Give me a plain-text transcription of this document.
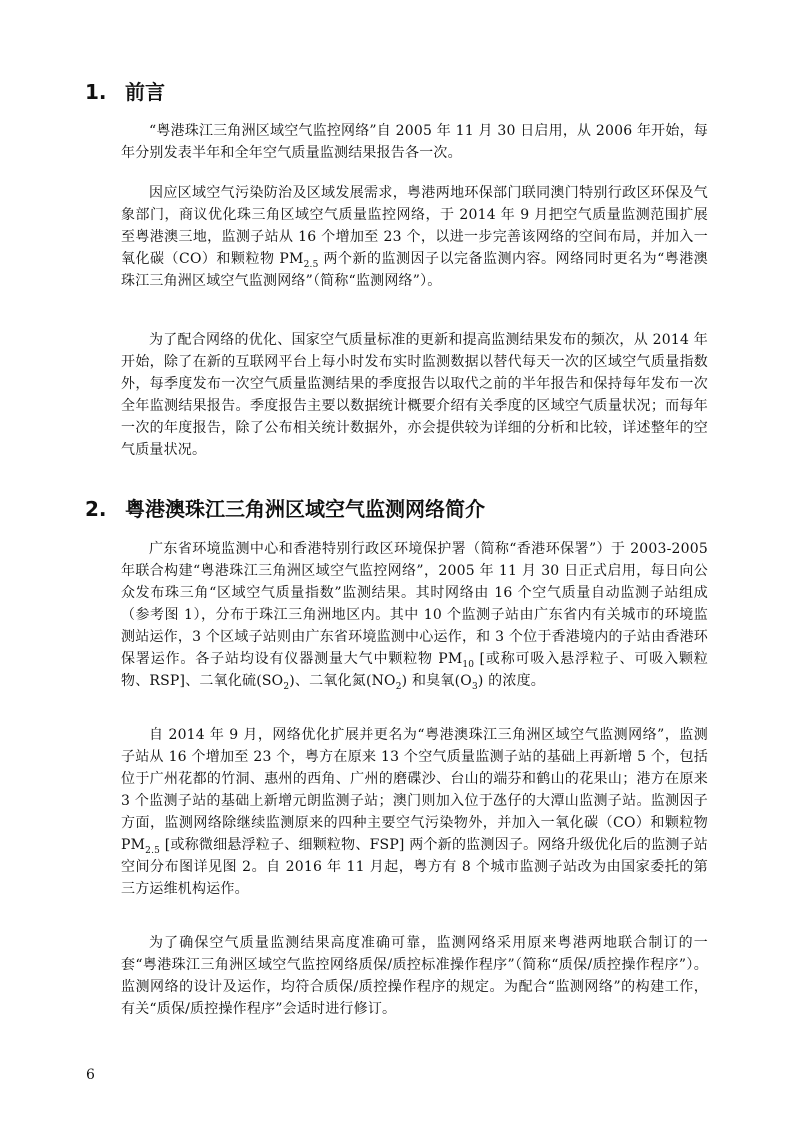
1. 前言

“粤港珠江三角洲区域空气监控网络”自 2005 年 11 月 30 日启用，从 2006 年开始，每年分别发表半年和全年空气质量监测结果报告各一次。

因应区域空气污染防治及区域发展需求，粤港两地环保部门联同澳门特别行政区环保及气象部门，商议优化珠三角区域空气质量监控网络，于 2014 年 9 月把空气质量监测范围扩展至粤港澳三地，监测子站从 16 个增加至 23 个，以进一步完善该网络的空间布局，并加入一氧化碳（CO）和颗粒物 $PM_{2.5}$ 两个新的监测因子以完备监测内容。网络同时更名为“粤港澳珠江三角洲区域空气监测网络”（简称“监测网络”）。

为了配合网络的优化、国家空气质量标准的更新和提高监测结果发布的频次，从 2014 年开始，除了在新的互联网平台上每小时发布实时监测数据以替代每天一次的区域空气质量指数外，每季度发布一次空气质量监测结果的季度报告以取代之前的半年报告和保持每年发布一次全年监测结果报告。季度报告主要以数据统计概要介绍有关季度的区域空气质量状况；而每年一次的年度报告，除了公布相关统计数据外，亦会提供较为详细的分析和比较，详述整年的空气质量状况。

2. 粤港澳珠江三角洲区域空气监测网络简介

广东省环境监测中心和香港特别行政区环境保护署（简称“香港环保署”）于 2003-2005 年联合构建“粤港珠江三角洲区域空气监控网络”，2005 年 11 月 30 日正式启用，每日向公众发布珠三角“区域空气质量指数”监测结果。其时网络由 16 个空气质量自动监测子站组成（参考图 1），分布于珠江三角洲地区内。其中 10 个监测子站由广东省内有关城市的环境监测站运作，3 个区域子站则由广东省环境监测中心运作，和 3 个位于香港境内的子站由香港环保署运作。各子站均设有仪器测量大气中颗粒物 $PM_{10}$ [或称可吸入悬浮粒子、可吸入颗粒物、RSP]、二氧化硫$(SO_2)$、二氧化氮$(NO_2)$ 和臭氧$(O_3)$ 的浓度。

自 2014 年 9 月，网络优化扩展并更名为“粤港澳珠江三角洲区域空气监测网络”，监测子站从 16 个增加至 23 个，粤方在原来 13 个空气质量监测子站的基础上再新增 5 个，包括位于广州花都的竹洞、惠州的西角、广州的磨碟沙、台山的端芬和鹤山的花果山；港方在原来 3 个监测子站的基础上新增元朗监测子站；澳门则加入位于氹仔的大潭山监测子站。监测因子方面，监测网络除继续监测原来的四种主要空气污染物外，并加入一氧化碳（CO）和颗粒物 $PM_{2.5}$ [或称微细悬浮粒子、细颗粒物、FSP] 两个新的监测因子。网络升级优化后的监测子站空间分布图详见图 2。自 2016 年 11 月起，粤方有 8 个城市监测子站改为由国家委托的第三方运维机构运作。

为了确保空气质量监测结果高度准确可靠，监测网络采用原来粤港两地联合制订的一套“粤港珠江三角洲区域空气监控网络质保/质控标准操作程序”（简称“质保/质控操作程序”）。监测网络的设计及运作，均符合质保/质控操作程序的规定。为配合“监测网络”的构建工作，有关“质保/质控操作程序”会适时进行修订。

6
